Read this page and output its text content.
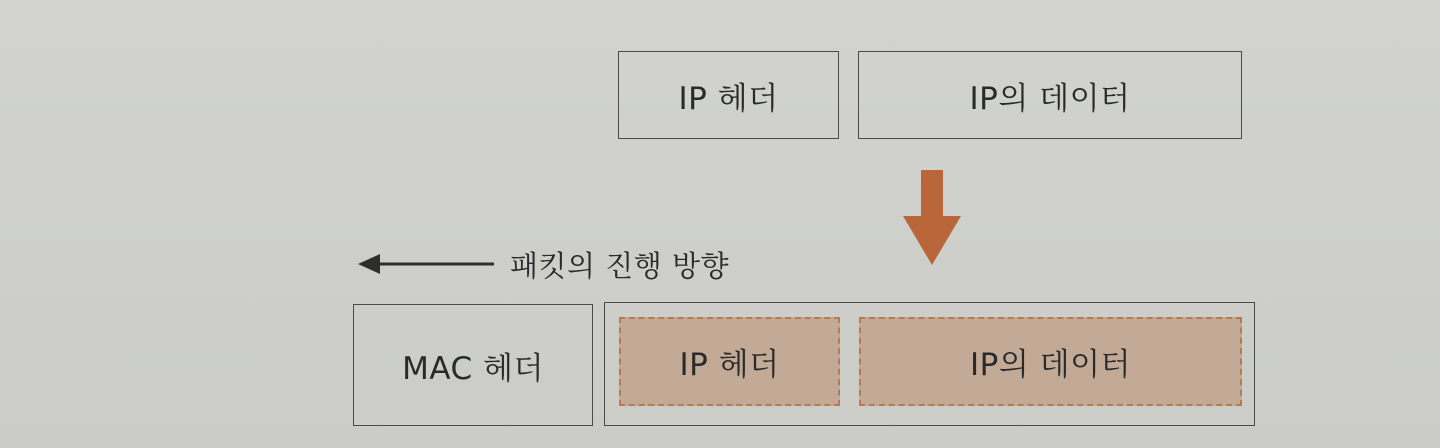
IP 헤더	IP의 데이터
패킷의 진행 방향
MAC 헤더	IP 헤더	IP의 데이터
